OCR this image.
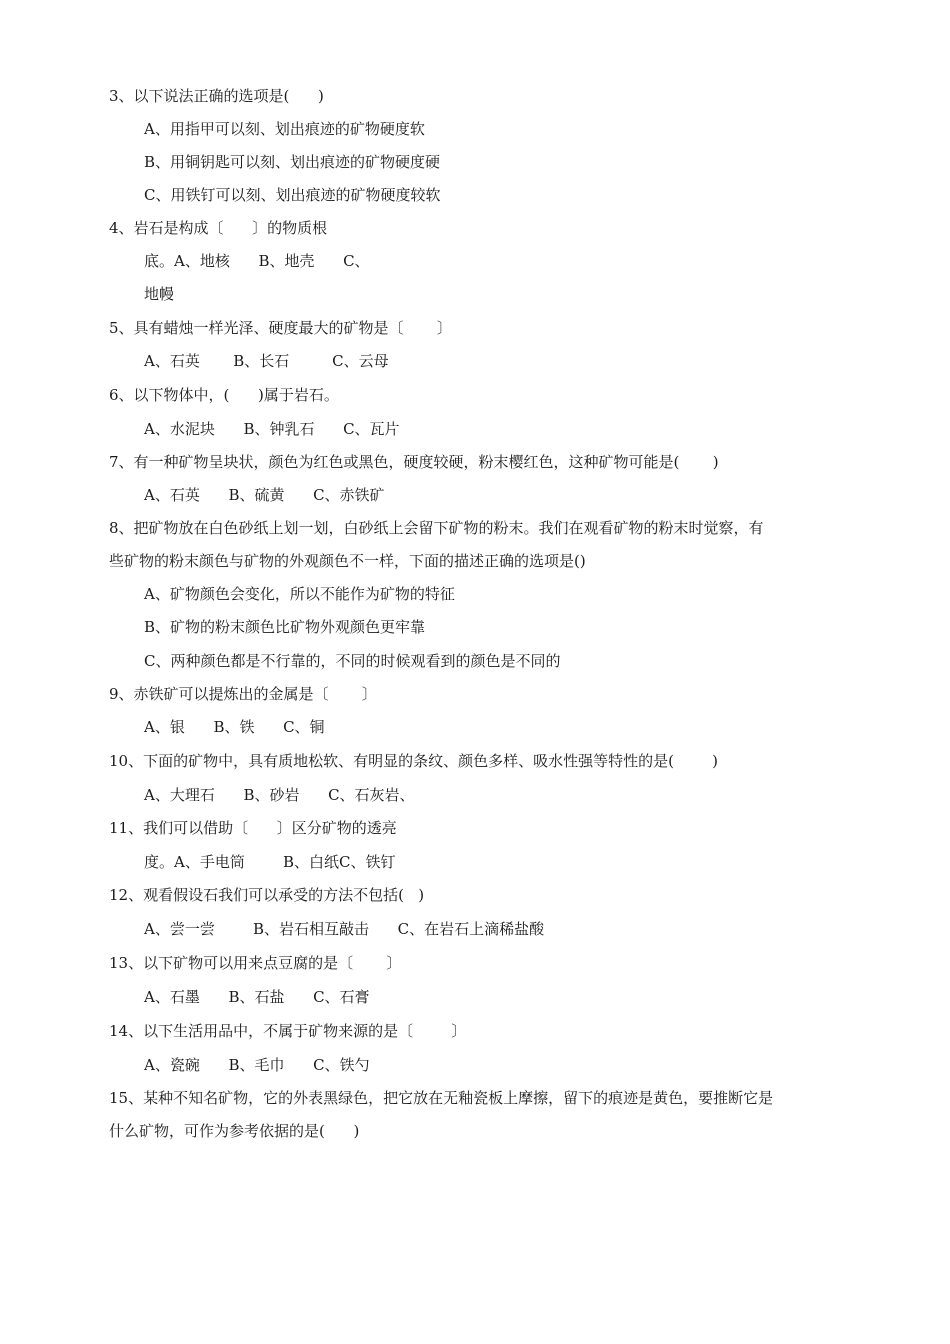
3、以下说法正确的选项是(      )
A、用指甲可以刻、划出痕迹的矿物硬度软
B、用铜钥匙可以刻、划出痕迹的矿物硬度硬
C、用铁钉可以刻、划出痕迹的矿物硬度较软
4、岩石是构成〔      〕的物质根
底。A、地核      B、地壳      C、
地幔
5、具有蜡烛一样光泽、硬度最大的矿物是〔       〕
A、石英       B、长石         C、云母
6、以下物体中，(      )属于岩石。
A、水泥块      B、钟乳石      C、瓦片
7、有一种矿物呈块状，颜色为红色或黑色，硬度较硬，粉末樱红色，这种矿物可能是(       )
A、石英      B、硫黄      C、赤铁矿
8、把矿物放在白色砂纸上划一划，白砂纸上会留下矿物的粉末。我们在观看矿物的粉末时觉察，有
些矿物的粉末颜色与矿物的外观颜色不一样，下面的描述正确的选项是()
A、矿物颜色会变化，所以不能作为矿物的特征
B、矿物的粉末颜色比矿物外观颜色更牢靠
C、两种颜色都是不行靠的，不同的时候观看到的颜色是不同的
9、赤铁矿可以提炼出的金属是〔       〕
A、银      B、铁      C、铜
10、下面的矿物中，具有质地松软、有明显的条纹、颜色多样、吸水性强等特性的是(        )
A、大理石      B、砂岩      C、石灰岩、
11、我们可以借助〔      〕区分矿物的透亮
度。A、手电筒        B、白纸C、铁钉
12、观看假设石我们可以承受的方法不包括(   )
A、尝一尝        B、岩石相互敲击      C、在岩石上滴稀盐酸
13、以下矿物可以用来点豆腐的是〔       〕
A、石墨      B、石盐      C、石膏
14、以下生活用品中，不属于矿物来源的是〔        〕
A、瓷碗      B、毛巾      C、铁勺
15、某种不知名矿物，它的外表黑绿色，把它放在无釉瓷板上摩擦，留下的痕迹是黄色，要推断它是
什么矿物，可作为参考依据的是(      )
